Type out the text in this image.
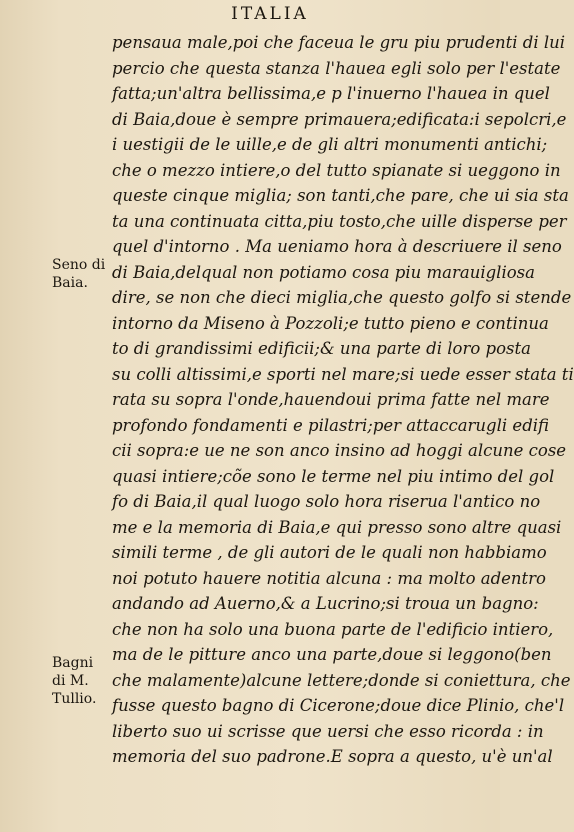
ITALIA
pensaua male,poi che faceua le gru piu prudenti di lui
percio che questa stanza l'hauea egli solo per l'estate
fatta;un'altra bellissima,e p l'inuerno l'hauea in quel
di Baia,doue è sempre primauera;edificata:i sepolcri,e
i uestigii de le uille,e de gli altri monumenti antichi;
che o mezzo intiere,o del tutto spianate si ueggono in
queste cinque miglia; son tanti,che pare, che ui sia sta
ta una continuata citta,piu tosto,che uille disperse per
quel d'intorno . Ma ueniamo hora à descriuere il seno
di Baia,delqual non potiamo cosa piu marauigliosa
dire, se non che dieci miglia,che questo golfo si stende
intorno da Miseno à Pozzoli;e tutto pieno e continua
to di grandissimi edificii;& una parte di loro posta
su colli altissimi,e sporti nel mare;si uede esser stata ti
rata su sopra l'onde,hauendoui prima fatte nel mare
profondo fondamenti e pilastri;per attaccarugli edifi
cii sopra:e ue ne son anco insino ad hoggi alcune cose
quasi intiere;cõe sono le terme nel piu intimo del gol
fo di Baia,il qual luogo solo hora riserua l'antico no
me e la memoria di Baia,e qui presso sono altre quasi
simili terme , de gli autori de le quali non habbiamo
noi potuto hauere notitia alcuna : ma molto adentro
andando ad Auerno,& a Lucrino;si troua un bagno:
che non ha solo una buona parte de l'edificio intiero,
ma de le pitture anco una parte,doue si leggono(ben
che malamente)alcune lettere;donde si coniettura, che
fusse questo bagno di Cicerone;doue dice Plinio, che'l
liberto suo ui scrisse que uersi che esso ricorda : in
memoria del suo padrone.E sopra a questo, u'è un'al
Seno di
Baia.
Bagni
di M.
Tullio.
